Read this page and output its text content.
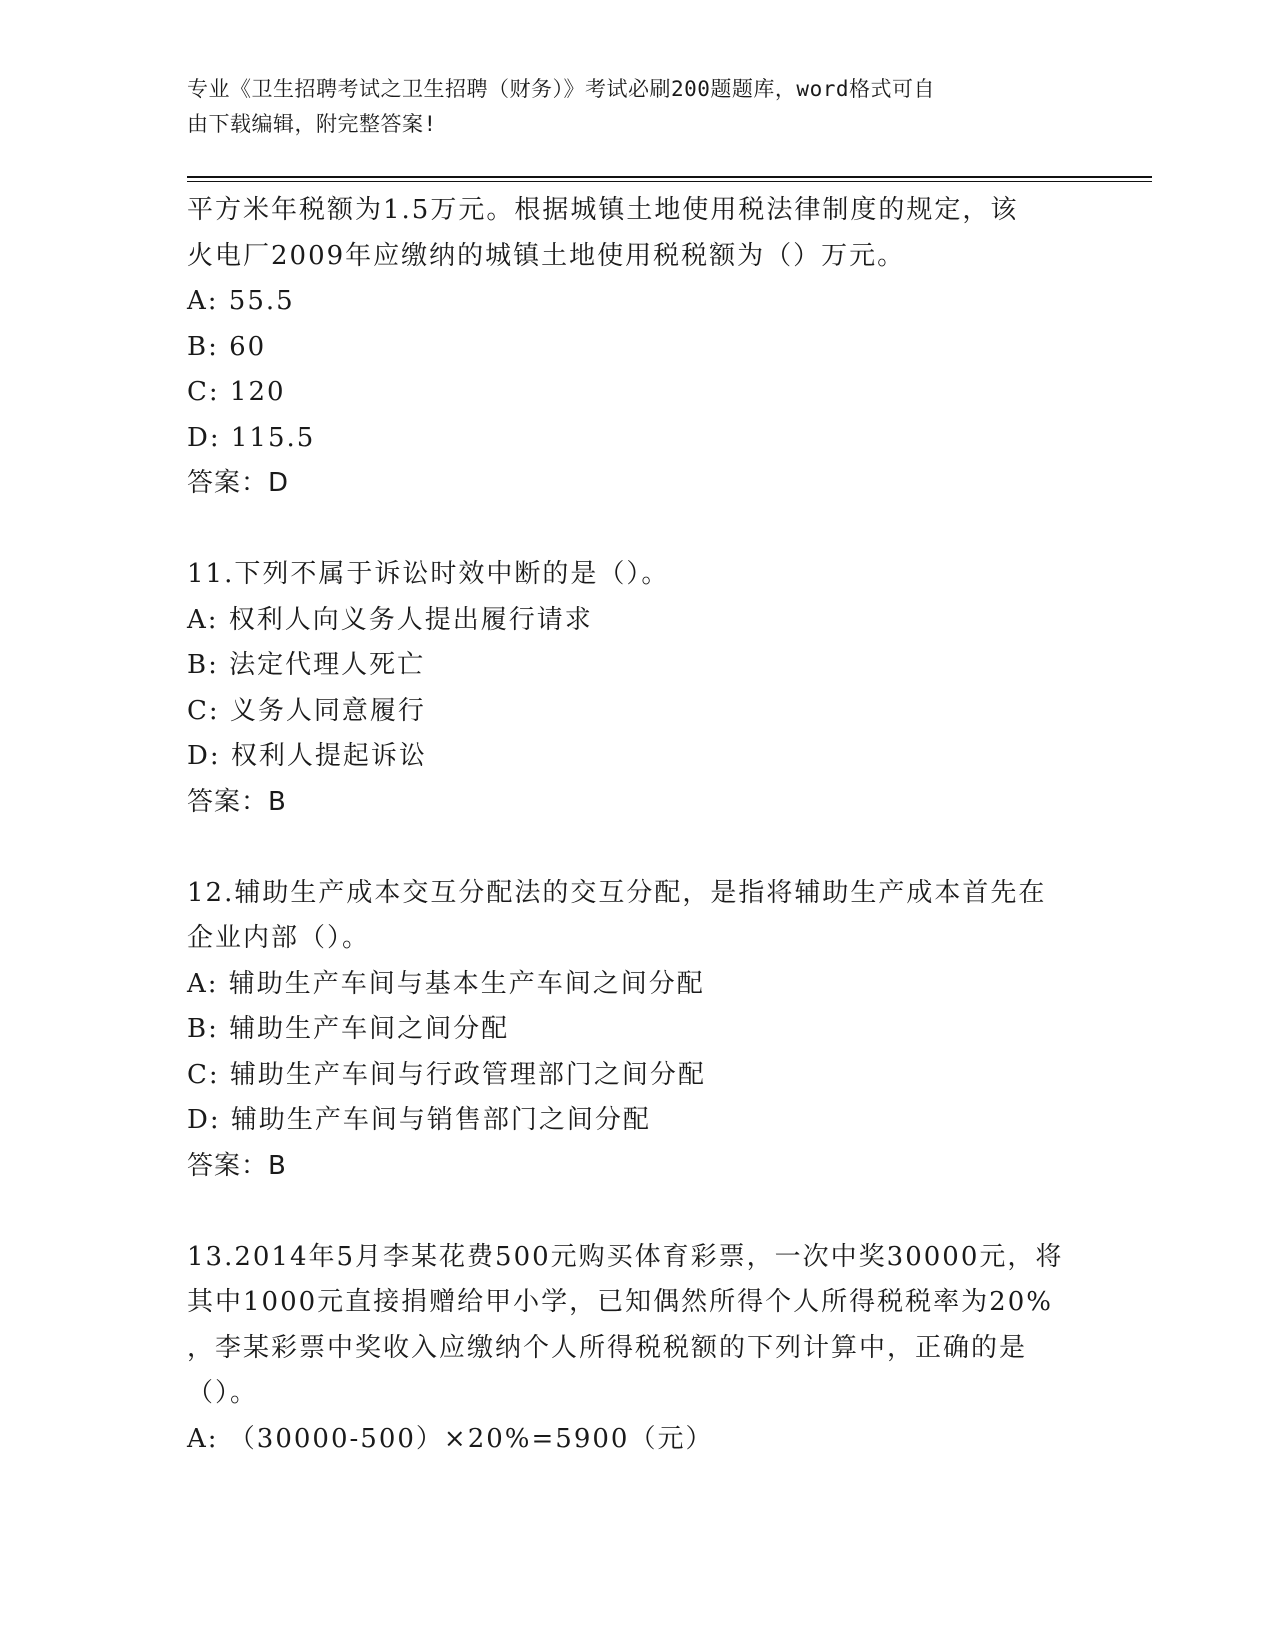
专业《卫生招聘考试之卫生招聘（财务）》考试必刷200题题库，word格式可自
由下载编辑，附完整答案!
平方米年税额为1.5万元。根据城镇土地使用税法律制度的规定，该
火电厂2009年应缴纳的城镇土地使用税税额为（）万元。
A: 55.5
B: 60
C: 120
D: 115.5
答案：D
11.下列不属于诉讼时效中断的是（）。
A: 权利人向义务人提出履行请求
B: 法定代理人死亡
C: 义务人同意履行
D: 权利人提起诉讼
答案：B
12.辅助生产成本交互分配法的交互分配，是指将辅助生产成本首先在
企业内部（）。
A: 辅助生产车间与基本生产车间之间分配
B: 辅助生产车间之间分配
C: 辅助生产车间与行政管理部门之间分配
D: 辅助生产车间与销售部门之间分配
答案：B
13.2014年5月李某花费500元购买体育彩票，一次中奖30000元，将
其中1000元直接捐赠给甲小学，已知偶然所得个人所得税税率为20%
，李某彩票中奖收入应缴纳个人所得税税额的下列计算中，正确的是
（）。
A: （30000-500）×20%=5900（元）
